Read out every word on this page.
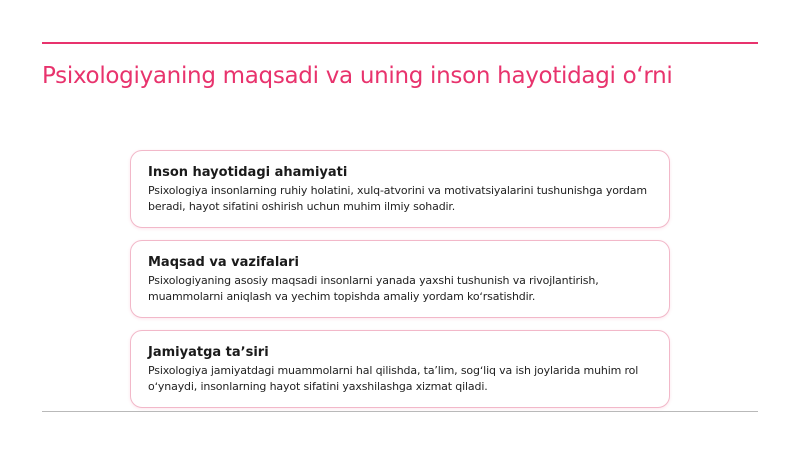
Psixologiyaning maqsadi va uning inson hayotidagi oʻrni
Inson hayotidagi ahamiyati

Psixologiya insonlarning ruhiy holatini, xulq-atvorini va motivatsiyalarini tushunishga yordam beradi, hayot sifatini oshirish uchun muhim ilmiy sohadir.

Maqsad va vazifalari

Psixologiyaning asosiy maqsadi insonlarni yanada yaxshi tushunish va rivojlantirish, muammolarni aniqlash va yechim topishda amaliy yordam koʻrsatishdir.

Jamiyatga taʼsiri

Psixologiya jamiyatdagi muammolarni hal qilishda, taʼlim, sogʻliq va ish joylarida muhim rol oʻynaydi, insonlarning hayot sifatini yaxshilashga xizmat qiladi.
